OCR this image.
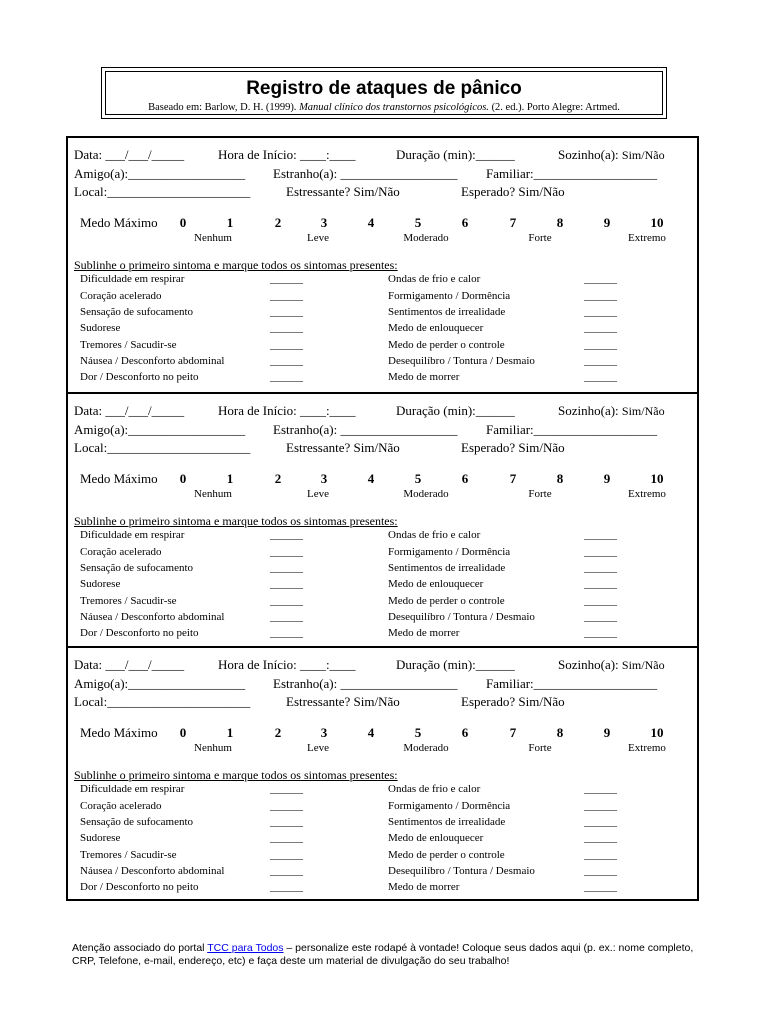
Registro de ataques de pânico
Baseado em: Barlow, D. H. (1999). Manual clínico dos transtornos psicológicos. (2. ed.). Porto Alegre: Artmed.
Data: ___/___/_____	Hora de Início: ____:____	Duração (min):______	Sozinho(a): Sim/Não
Amigo(a):__________________ Estranho(a): __________________ Familiar:___________________
Local:______________________	Estressante? Sim/Não	Esperado? Sim/Não
Medo Máximo	0	1	2	3	4	5	6	7	8	9	10
Nenhum	Leve	Moderado	Forte	Extremo
Sublinhe o primeiro sintoma e marque todos os sintomas presentes:
Dificuldade em respirar	______	Ondas de frio e calor	______
Coração acelerado	______	Formigamento / Dormência	______
Sensação de sufocamento	______	Sentimentos de irrealidade	______
Sudorese	______	Medo de enlouquecer	______
Tremores / Sacudir-se	______	Medo de perder o controle	______
Náusea / Desconforto abdominal	______	Desequilíbro / Tontura / Desmaio	______
Dor / Desconforto no peito	______	Medo de morrer	______
Data: ___/___/_____	Hora de Início: ____:____	Duração (min):______	Sozinho(a): Sim/Não
Amigo(a):__________________ Estranho(a): __________________ Familiar:___________________
Local:______________________	Estressante? Sim/Não	Esperado? Sim/Não
Medo Máximo	0	1	2	3	4	5	6	7	8	9	10
Nenhum	Leve	Moderado	Forte	Extremo
Sublinhe o primeiro sintoma e marque todos os sintomas presentes:
Dificuldade em respirar	______	Ondas de frio e calor	______
Coração acelerado	______	Formigamento / Dormência	______
Sensação de sufocamento	______	Sentimentos de irrealidade	______
Sudorese	______	Medo de enlouquecer	______
Tremores / Sacudir-se	______	Medo de perder o controle	______
Náusea / Desconforto abdominal	______	Desequilíbro / Tontura / Desmaio	______
Dor / Desconforto no peito	______	Medo de morrer	______
Data: ___/___/_____	Hora de Início: ____:____	Duração (min):______	Sozinho(a): Sim/Não
Amigo(a):__________________ Estranho(a): __________________ Familiar:___________________
Local:______________________	Estressante? Sim/Não	Esperado? Sim/Não
Medo Máximo	0	1	2	3	4	5	6	7	8	9	10
Nenhum	Leve	Moderado	Forte	Extremo
Sublinhe o primeiro sintoma e marque todos os sintomas presentes:
Dificuldade em respirar	______	Ondas de frio e calor	______
Coração acelerado	______	Formigamento / Dormência	______
Sensação de sufocamento	______	Sentimentos de irrealidade	______
Sudorese	______	Medo de enlouquecer	______
Tremores / Sacudir-se	______	Medo de perder o controle	______
Náusea / Desconforto abdominal	______	Desequilíbro / Tontura / Desmaio	______
Dor / Desconforto no peito	______	Medo de morrer	______
Atenção associado do portal TCC para Todos – personalize este rodapé à vontade! Coloque seus dados aqui (p. ex.: nome completo, CRP, Telefone, e-mail, endereço, etc) e faça deste um material de divulgação do seu trabalho!
